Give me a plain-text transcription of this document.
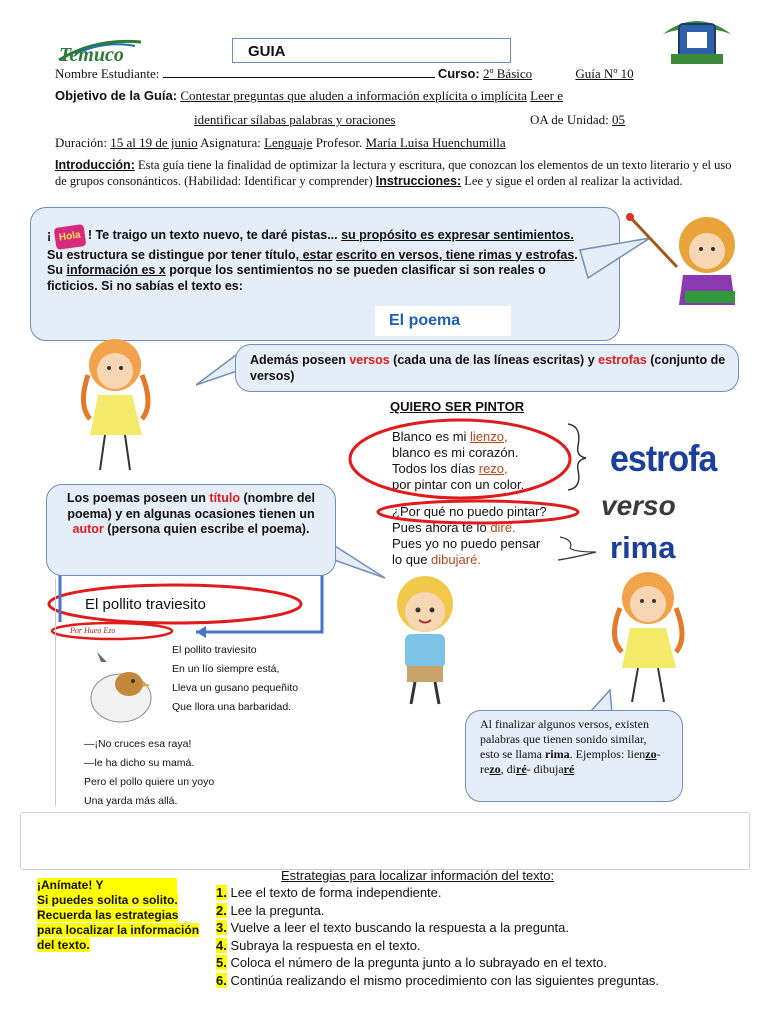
Temuco	GUIA
Nombre Estudiante:	Curso: 2º Básico	Guía Nº 10
Objetivo de la Guía: Contestar preguntas que aluden a información explícita o implícita Leer e
identificar sílabas palabras y oraciones	OA de Unidad: 05
Duración: 15 al 19 de junio Asignatura: Lenguaje Profesor. María Luisa Huenchumilla
Introducción: Esta guía tiene la finalidad de optimizar la lectura y escritura, que conozcan los elementos de un texto literario y el uso de grupos consonánticos. (Habilidad: Identificar y comprender) Instrucciones: Lee y sigue el orden al realizar la actividad.
¡ Hola ! Te traigo un texto nuevo, te daré pistas... su propósito es expresar sentimientos.
Su estructura se distingue por tener título, estar escrito en versos, tiene rimas y estrofas.
Su información es x porque los sentimientos no se pueden clasificar si son reales o ficticios. Si no sabías el texto es:
El poema
Además poseen versos (cada una de las líneas escritas) y estrofas (conjunto de versos)
QUIERO SER PINTOR
Blanco es mi lienzo,
blanco es mi corazón.
Todos los días rezo,
por pintar con un color.
¿Por qué no puedo pintar?
Pues ahora te lo diré.
Pues yo no puedo pensar
lo que dibujaré.
estrofa
verso
rima
Los poemas poseen un título (nombre del poema) y en algunas ocasiones tienen un autor (persona quien escribe el poema).
El pollito traviesito
Por Hueo Ezo
El pollito traviesito
En un lío siempre está,
Lleva un gusano pequeñito
Que llora una barbaridad.
—¡No cruces esa raya!
—le ha dicho su mamá.
Pero el pollo quiere un yoyo
Una yarda más allá.
Al finalizar algunos versos, existen palabras que tienen sonido similar, esto se llama rima. Ejemplos: lienzo-rezo, diré- dibujaré
Estrategias para localizar información del texto:
¡Anímate! Y
Si puedes solita o solito. Recuerda las estrategias para localizar la información del texto.
1. Lee el texto de forma independiente.
2. Lee la pregunta.
3. Vuelve a leer el texto buscando la respuesta a la pregunta.
4. Subraya la respuesta en el texto.
5. Coloca el número de la pregunta junto a lo subrayado en el texto.
6. Continúa realizando el mismo procedimiento con las siguientes preguntas.
